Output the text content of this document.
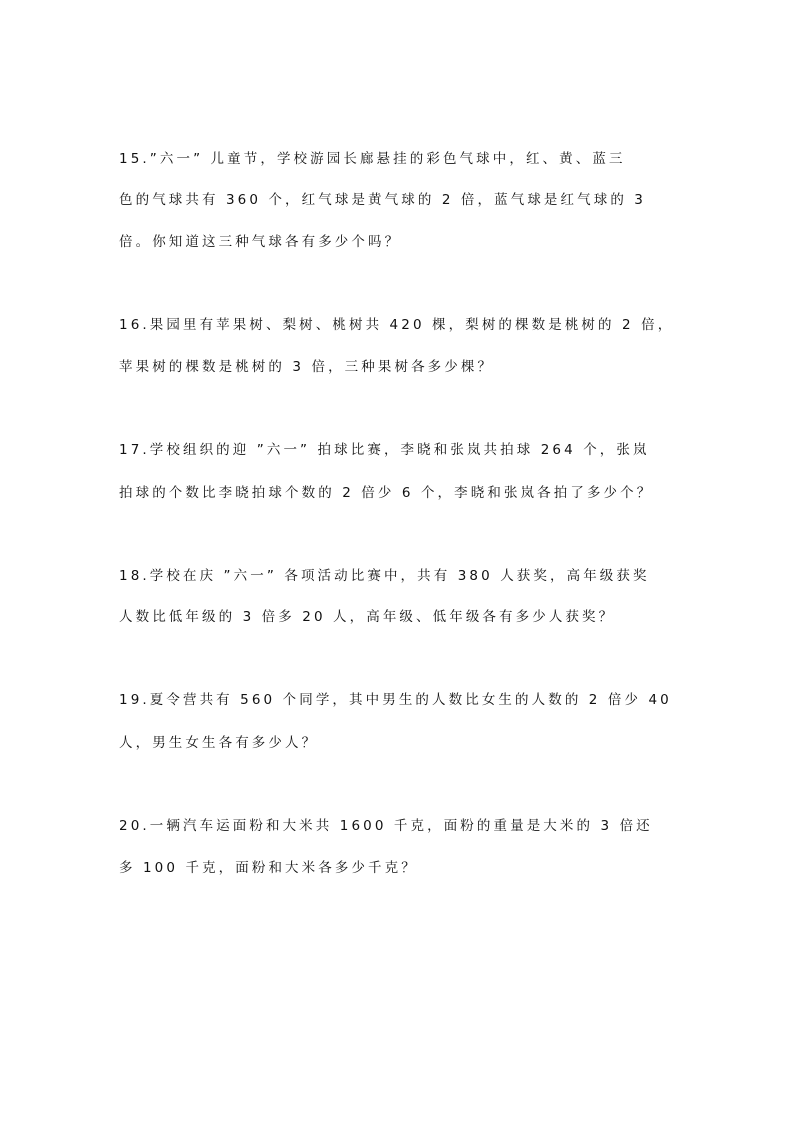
15.”六一” 儿童节，学校游园长廊悬挂的彩色气球中，红、黄、蓝三
色的气球共有 360 个，红气球是黄气球的 2 倍，蓝气球是红气球的 3
倍。你知道这三种气球各有多少个吗？
16.果园里有苹果树、梨树、桃树共 420 棵，梨树的棵数是桃树的 2 倍，
苹果树的棵数是桃树的 3 倍，三种果树各多少棵？
17.学校组织的迎 ”六一” 拍球比赛，李晓和张岚共拍球 264 个，张岚
拍球的个数比李晓拍球个数的 2 倍少 6 个，李晓和张岚各拍了多少个？
18.学校在庆 ”六一” 各项活动比赛中，共有 380 人获奖，高年级获奖
人数比低年级的 3 倍多 20 人，高年级、低年级各有多少人获奖？
19.夏令营共有 560 个同学，其中男生的人数比女生的人数的 2 倍少 40
人，男生女生各有多少人？
20.一辆汽车运面粉和大米共 1600 千克，面粉的重量是大米的 3 倍还
多 100 千克，面粉和大米各多少千克？
